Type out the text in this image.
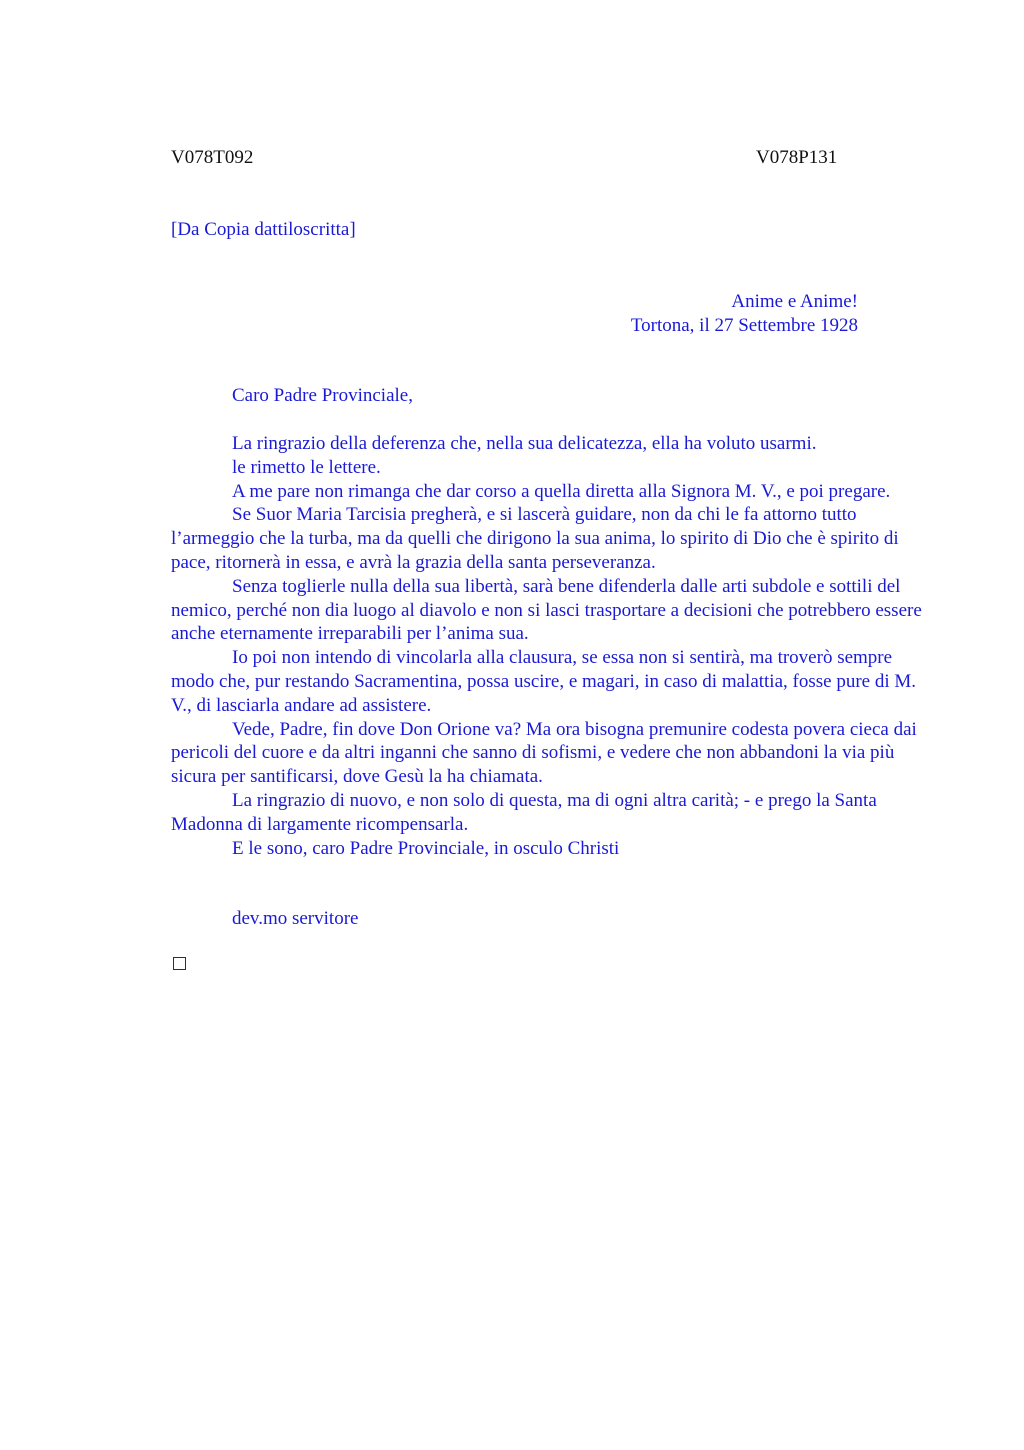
V078T092	V078P131
[Da Copia dattiloscritta]
Anime e Anime!
Tortona, il 27 Settembre 1928
Caro Padre Provinciale,

La ringrazio della deferenza che, nella sua delicatezza, ella ha voluto usarmi.

le rimetto le lettere.

A me pare non rimanga che dar corso a quella diretta alla Signora M. V., e poi pregare.

Se Suor Maria Tarcisia pregherà, e si lascerà guidare, non da chi le fa attorno tutto l’armeggio che la turba, ma da quelli che dirigono la sua anima, lo spirito di Dio che è spirito di pace, ritornerà in essa, e avrà la grazia della santa perseveranza.

Senza toglierle nulla della sua libertà, sarà bene difenderla dalle arti subdole e sottili del nemico, perché non dia luogo al diavolo e non si lasci trasportare a decisioni che potrebbero essere anche eternamente irreparabili per l’anima sua.

Io poi non intendo di vincolarla alla clausura, se essa non si sentirà, ma troverò sempre modo che, pur restando Sacramentina, possa uscire, e magari, in caso di malattia, fosse pure di M. V., di lasciarla andare ad assistere.

Vede, Padre, fin dove Don Orione va? Ma ora bisogna premunire codesta povera cieca dai pericoli del cuore e da altri inganni che sanno di sofismi, e vedere che non abbandoni la via più sicura per santificarsi, dove Gesù la ha chiamata.

La ringrazio di nuovo, e non solo di questa, ma di ogni altra carità; - e prego la Santa Madonna di largamente ricompensarla.

E le sono, caro Padre Provinciale, in osculo Christi

dev.mo servitore
